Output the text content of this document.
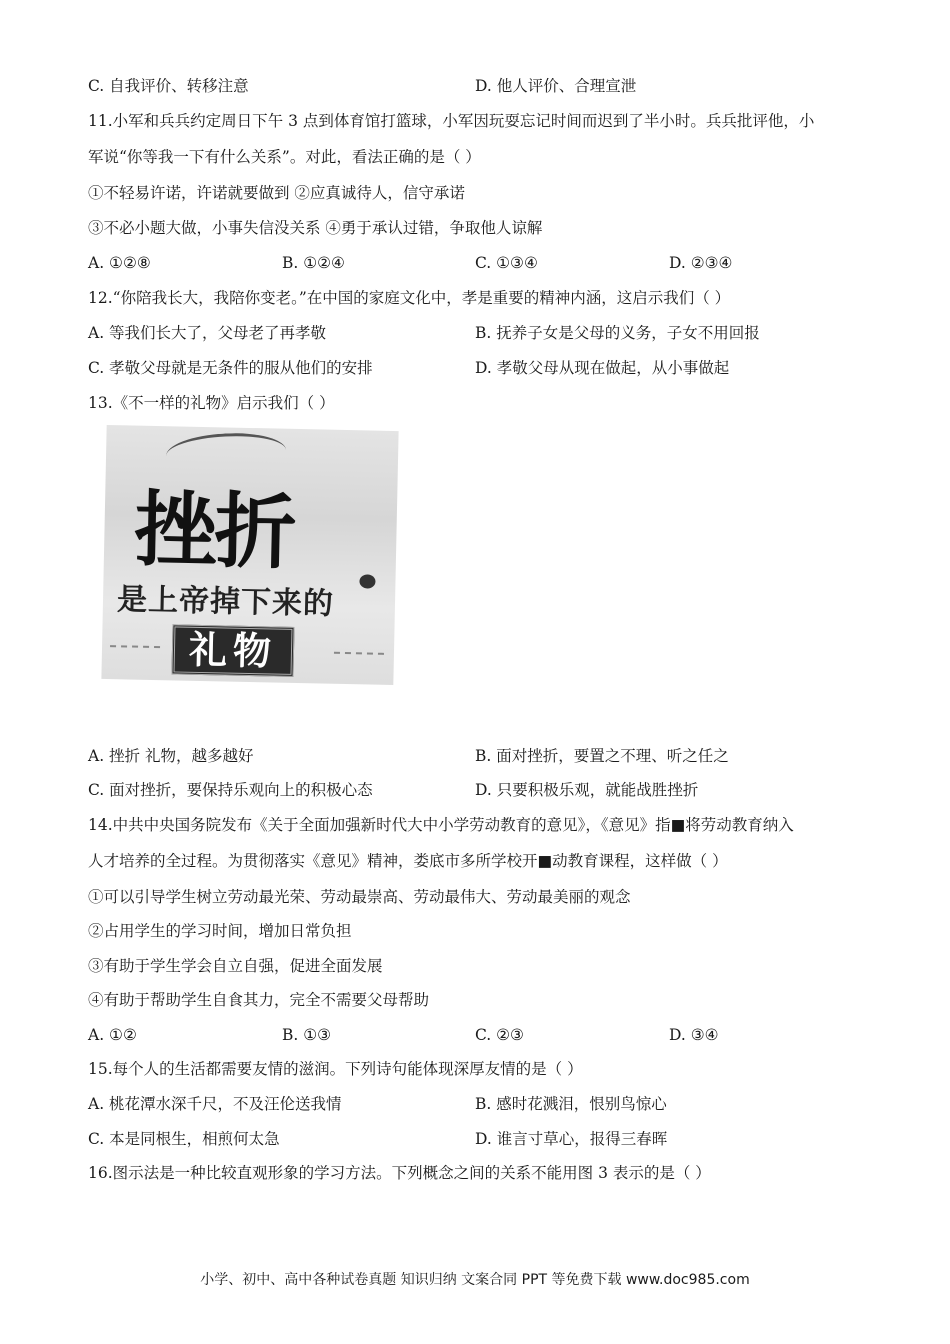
C. 自我评价、转移注意	D. 他人评价、合理宣泄
11.小军和兵兵约定周日下午 3 点到体育馆打篮球，小军因玩耍忘记时间而迟到了半小时。兵兵批评他，小
军说“你等我一下有什么关系”。对此，看法正确的是（ ）
①不轻易许诺，许诺就要做到 ②应真诚待人，信守承诺
③不必小题大做，小事失信没关系 ④勇于承认过错，争取他人谅解
A. ①②⑧	B. ①②④	C. ①③④	D. ②③④
12.“你陪我长大，我陪你变老。”在中国的家庭文化中，孝是重要的精神内涵，这启示我们（ ）
A. 等我们长大了，父母老了再孝敬	B. 抚养子女是父母的义务，子女不用回报
C. 孝敬父母就是无条件的服从他们的安排	D. 孝敬父母从现在做起，从小事做起
13.《不一样的礼物》启示我们（ ）
挫折
是上帝掉下来的
礼物
A. 挫折 礼物，越多越好	B. 面对挫折，要置之不理、听之任之
C. 面对挫折，要保持乐观向上的积极心态	D. 只要积极乐观，就能战胜挫折
14.中共中央国务院发布《关于全面加强新时代大中小学劳动教育的意见》，《意见》指■将劳动教育纳入
人才培养的全过程。为贯彻落实《意见》精神，娄底市多所学校开■动教育课程，这样做（ ）
①可以引导学生树立劳动最光荣、劳动最崇高、劳动最伟大、劳动最美丽的观念
②占用学生的学习时间，增加日常负担
③有助于学生学会自立自强，促进全面发展
④有助于帮助学生自食其力，完全不需要父母帮助
A. ①②	B. ①③	C. ②③	D. ③④
15.每个人的生活都需要友情的滋润。下列诗句能体现深厚友情的是（ ）
A. 桃花潭水深千尺，不及汪伦送我情	B. 感时花溅泪，恨别鸟惊心
C. 本是同根生，相煎何太急	D. 谁言寸草心，报得三春晖
16.图示法是一种比较直观形象的学习方法。下列概念之间的关系不能用图 3 表示的是（ ）
小学、初中、高中各种试卷真题 知识归纳 文案合同 PPT 等免费下载 www.doc985.com
